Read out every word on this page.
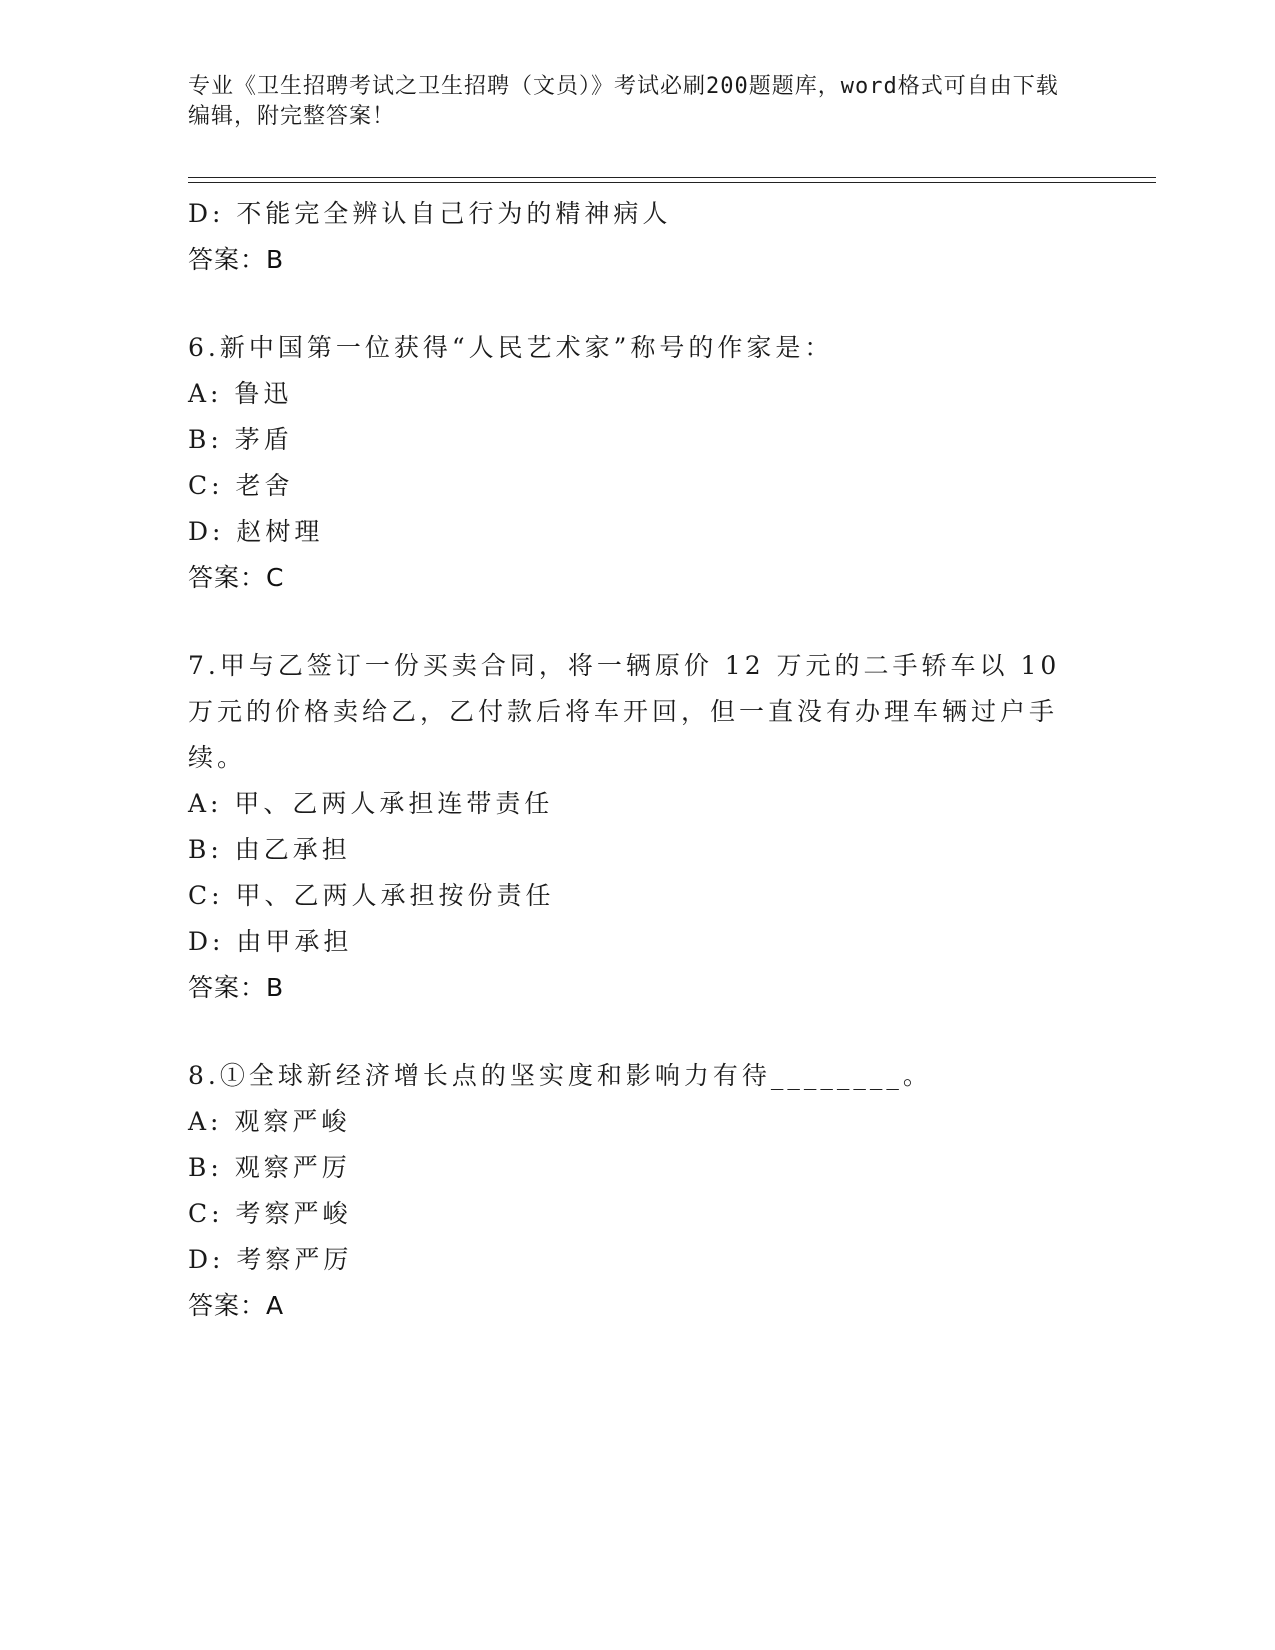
专业《卫生招聘考试之卫生招聘（文员）》考试必刷200题题库，word格式可自由下载编辑，附完整答案！
D: 不能完全辨认自己行为的精神病人
答案：B
6.新中国第一位获得“人民艺术家”称号的作家是：
A: 鲁迅
B: 茅盾
C: 老舍
D: 赵树理
答案：C
7.甲与乙签订一份买卖合同，将一辆原价 12 万元的二手轿车以 10 万元的价格卖给乙，乙付款后将车开回，但一直没有办理车辆过户手续。
A: 甲、乙两人承担连带责任
B: 由乙承担
C: 甲、乙两人承担按份责任
D: 由甲承担
答案：B
8.①全球新经济增长点的坚实度和影响力有待________。
A: 观察严峻
B: 观察严厉
C: 考察严峻
D: 考察严厉
答案：A
